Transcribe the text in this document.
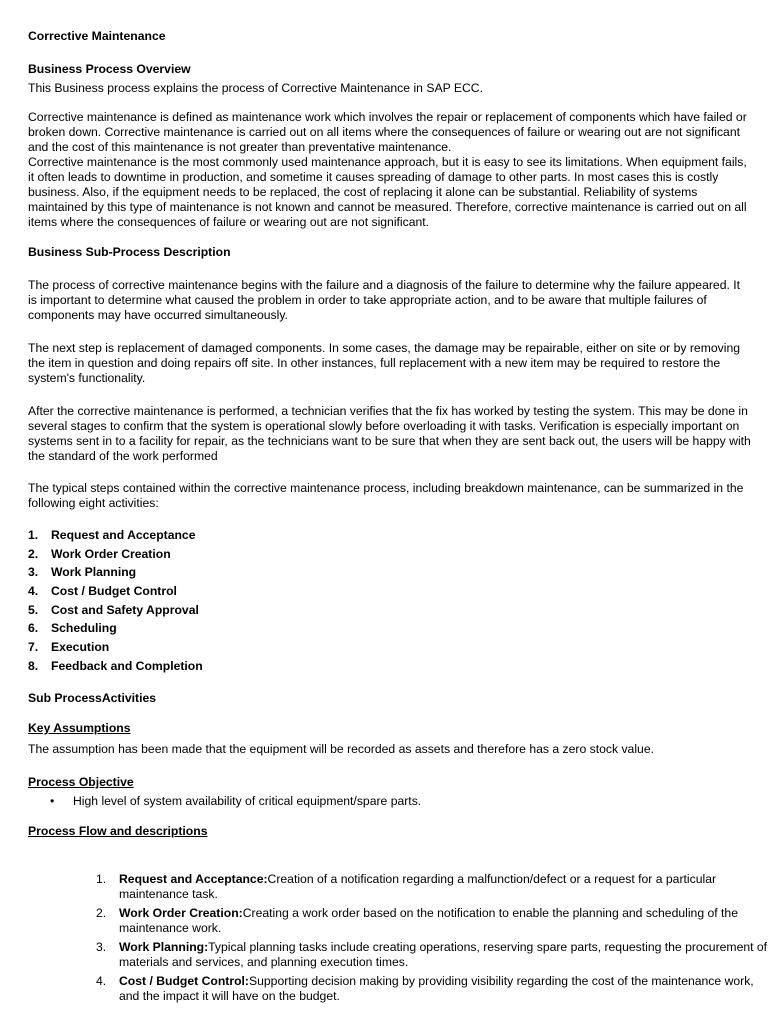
Corrective Maintenance

Business Process Overview

This Business process explains the process of Corrective Maintenance in SAP ECC.

Corrective maintenance is defined as maintenance work which involves the repair or replacement of components which have failed or broken down. Corrective maintenance is carried out on all items where the consequences of failure or wearing out are not significant and the cost of this maintenance is not greater than preventative maintenance.

Corrective maintenance is the most commonly used maintenance approach, but it is easy to see its limitations. When equipment fails, it often leads to downtime in production, and sometime it causes spreading of damage to other parts. In most cases this is costly business. Also, if the equipment needs to be replaced, the cost of replacing it alone can be substantial. Reliability of systems maintained by this type of maintenance is not known and cannot be measured. Therefore, corrective maintenance is carried out on all items where the consequences of failure or wearing out are not significant.

Business Sub-Process Description

The process of corrective maintenance begins with the failure and a diagnosis of the failure to determine why the failure appeared. It is important to determine what caused the problem in order to take appropriate action, and to be aware that multiple failures of components may have occurred simultaneously.

The next step is replacement of damaged components. In some cases, the damage may be repairable, either on site or by removing the item in question and doing repairs off site. In other instances, full replacement with a new item may be required to restore the system's functionality.

After the corrective maintenance is performed, a technician verifies that the fix has worked by testing the system. This may be done in several stages to confirm that the system is operational slowly before overloading it with tasks. Verification is especially important on systems sent in to a facility for repair, as the technicians want to be sure that when they are sent back out, the users will be happy with the standard of the work performed

The typical steps contained within the corrective maintenance process, including breakdown maintenance, can be summarized in the following eight activities:

1.	Request and Acceptance
2.	Work Order Creation
3.	Work Planning
4.	Cost / Budget Control
5.	Cost and Safety Approval
6.	Scheduling
7.	Execution
8.	Feedback and Completion

Sub ProcessActivities

Key Assumptions

The assumption has been made that the equipment will be recorded as assets and therefore has a zero stock value.

Process Objective

•	High level of system availability of critical equipment/spare parts.

Process Flow and descriptions

1.	Request and Acceptance:Creation of a notification regarding a malfunction/defect or a request for a particular maintenance task.
2.	Work Order Creation:Creating a work order based on the notification to enable the planning and scheduling of the maintenance work.
3.	Work Planning:Typical planning tasks include creating operations, reserving spare parts, requesting the procurement of materials and services, and planning execution times.
4.	Cost / Budget Control:Supporting decision making by providing visibility regarding the cost of the maintenance work, and the impact it will have on the budget.
